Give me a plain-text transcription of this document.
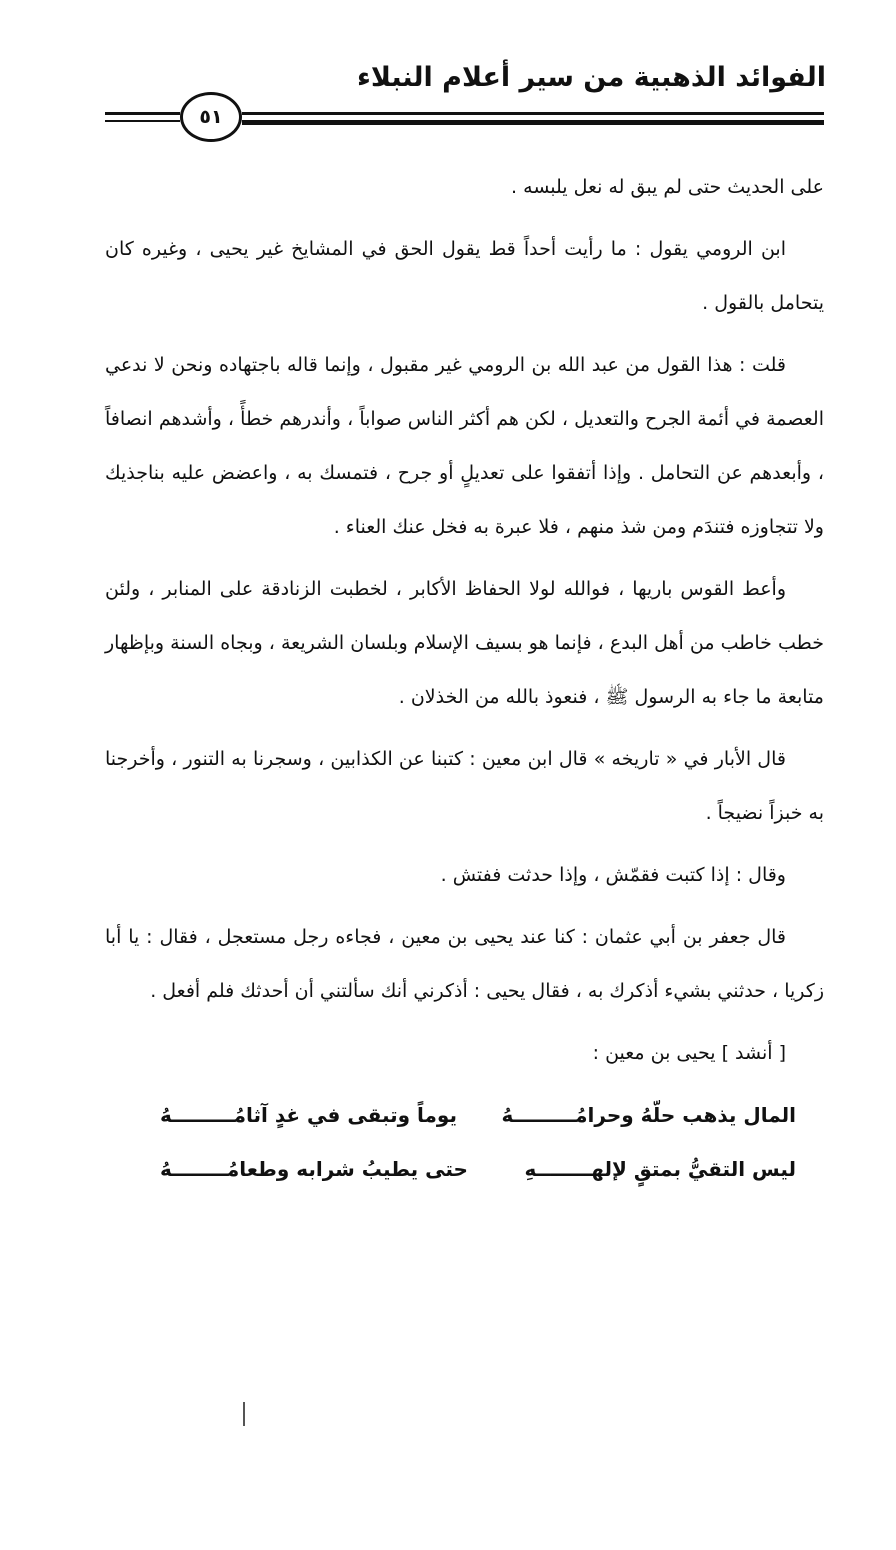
الفوائد الذهبية من سير أعلام النبلاء
٥١

على الحديث حتى لم يبق له نعل يلبسه .

ابن الرومي يقول : ما رأيت أحداً قط يقول الحق في المشايخ غير يحيى ، وغيره كان يتحامل بالقول .

قلت : هذا القول من عبد الله بن الرومي غير مقبول ، وإنما قاله باجتهاده ونحن لا ندعي العصمة في أئمة الجرح والتعديل ، لكن هم أكثر الناس صواباً ، وأندرهم خطأً ، وأشدهم انصافاً ، وأبعدهم عن التحامل . وإذا أتفقوا على تعديلٍ أو جرح ، فتمسك به ، واعضض عليه بناجذيك ولا تتجاوزه فتندَم ومن شذ منهم ، فلا عبرة به فخل عنك العناء .

وأعط القوس باريها ، فوالله لولا الحفاظ الأكابر ، لخطبت الزنادقة على المنابر ، ولئن خطب خاطب من أهل البدع ، فإنما هو بسيف الإسلام وبلسان الشريعة ، وبجاه السنة وبإظهار متابعة ما جاء به الرسول ﷺ ، فنعوذ بالله من الخذلان .

قال الأبار في « تاريخه » قال ابن معين : كتبنا عن الكذابين ، وسجرنا به التنور ، وأخرجنا به خبزاً نضيجاً .

وقال : إذا كتبت فقمّش ، وإذا حدثت ففتش .

قال جعفر بن أبي عثمان : كنا عند يحيى بن معين ، فجاءه رجل مستعجل ، فقال : يا أبا زكريا ، حدثني بشيء أذكرك به ، فقال يحيى : أذكرني أنك سألتني أن أحدثك فلم أفعل .

[ أنشد ] يحيى بن معين :

المال يذهب حلّهُ وحرامُـــــــــهُ
يوماً وتبقى في غدٍ آثامُـــــــــهُ
ليس التقيُّ بمتقٍ لإلهــــــــهِ
حتى يطيبُ شرابه وطعامُــــــــهُ
